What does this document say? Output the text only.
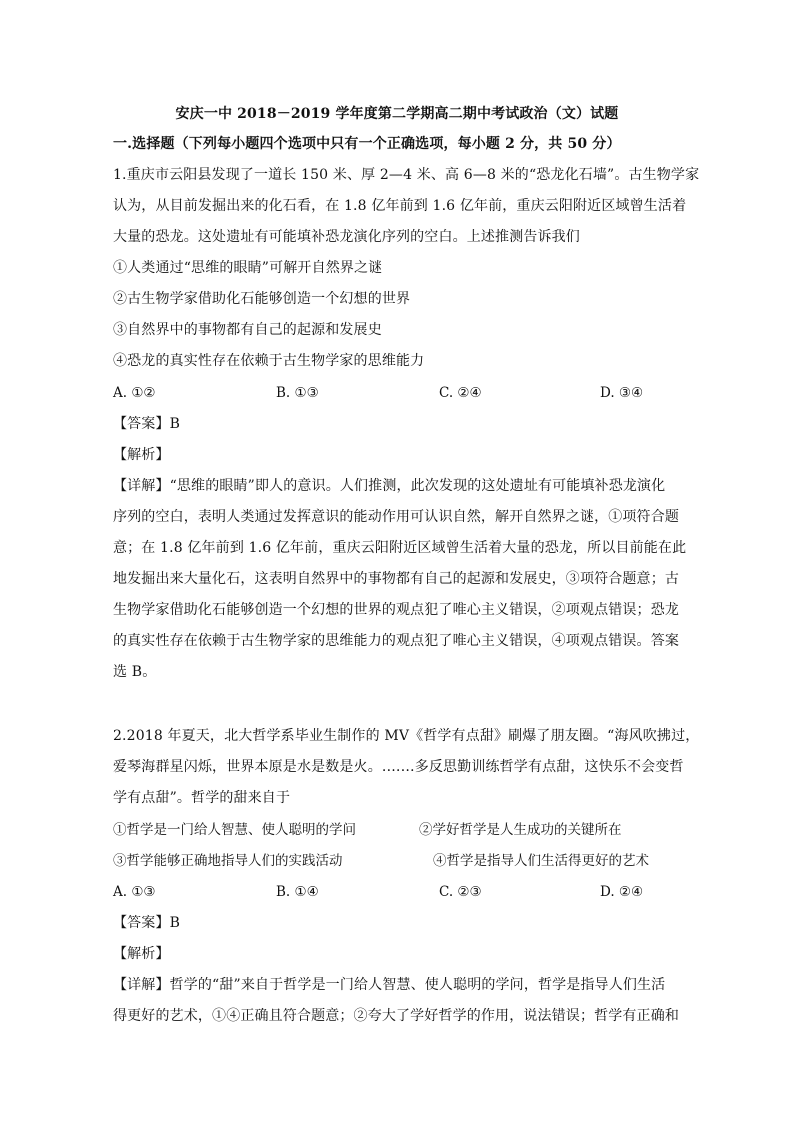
安庆一中 2018－2019 学年度第二学期高二期中考试政治（文）试题
一.选择题（下列每小题四个选项中只有一个正确选项，每小题 2 分，共 50 分）
1.重庆市云阳县发现了一道长 150 米、厚 2—4 米、高 6—8 米的“恐龙化石墙”。古生物学家
认为，从目前发掘出来的化石看，在 1.8 亿年前到 1.6 亿年前，重庆云阳附近区域曾生活着
大量的恐龙。这处遗址有可能填补恐龙演化序列的空白。上述推测告诉我们
①人类通过“思维的眼睛”可解开自然界之谜
②古生物学家借助化石能够创造一个幻想的世界
③自然界中的事物都有自己的起源和发展史
④恐龙的真实性存在依赖于古生物学家的思维能力
A. ①②	B. ①③	C. ②④	D. ③④
【答案】B
【解析】
【详解】“思维的眼睛”即人的意识。人们推测，此次发现的这处遗址有可能填补恐龙演化
序列的空白，表明人类通过发挥意识的能动作用可认识自然，解开自然界之谜，①项符合题
意；在 1.8 亿年前到 1.6 亿年前，重庆云阳附近区域曾生活着大量的恐龙，所以目前能在此
地发掘出来大量化石，这表明自然界中的事物都有自己的起源和发展史，③项符合题意；古
生物学家借助化石能够创造一个幻想的世界的观点犯了唯心主义错误，②项观点错误；恐龙
的真实性存在依赖于古生物学家的思维能力的观点犯了唯心主义错误，④项观点错误。答案
选 B。
2.2018 年夏天，北大哲学系毕业生制作的 MV《哲学有点甜》刷爆了朋友圈。“海风吹拂过，
爱琴海群星闪烁，世界本原是水是数是火。.……多反思勤训练哲学有点甜，这快乐不会变哲
学有点甜”。哲学的甜来自于
①哲学是一门给人智慧、使人聪明的学问	②学好哲学是人生成功的关键所在
③哲学能够正确地指导人们的实践活动	④哲学是指导人们生活得更好的艺术
A. ①③	B. ①④	C. ②③	D. ②④
【答案】B
【解析】
【详解】哲学的“甜”来自于哲学是一门给人智慧、使人聪明的学问，哲学是指导人们生活
得更好的艺术，①④正确且符合题意；②夸大了学好哲学的作用，说法错误；哲学有正确和
